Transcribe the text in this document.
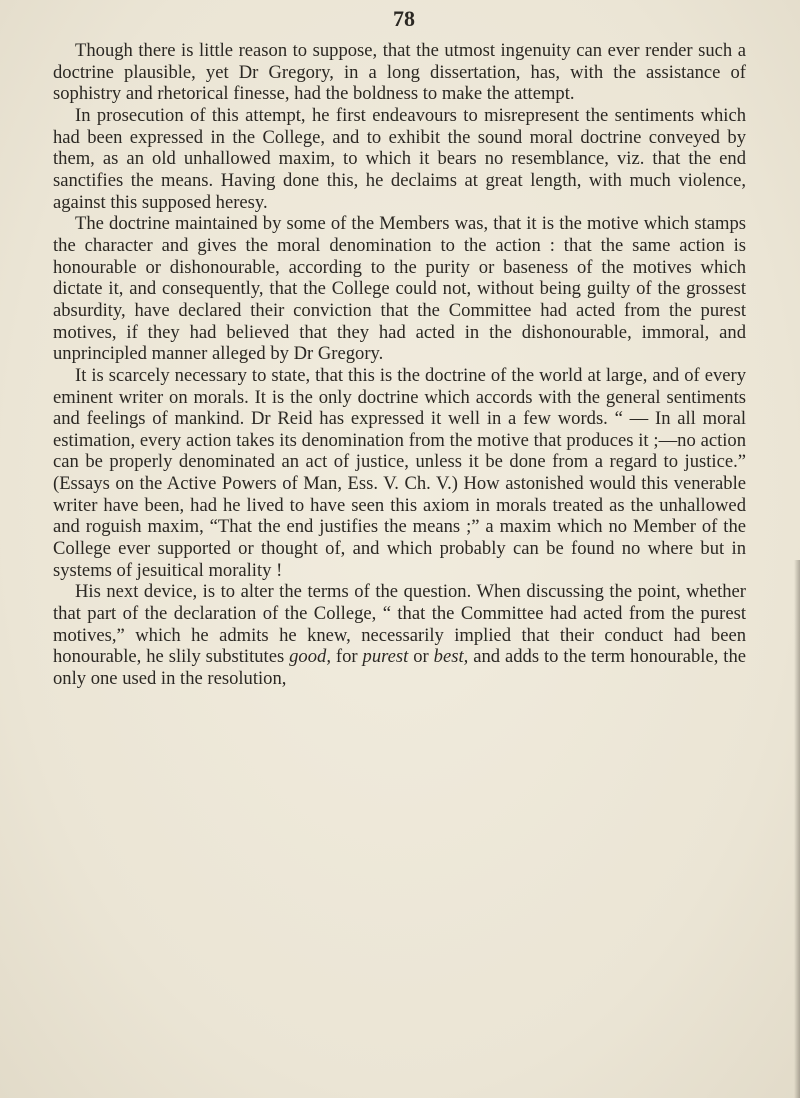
78

Though there is little reason to suppose, that the utmost ingenuity can ever render such a doctrine plausible, yet Dr Gregory, in a long dissertation, has, with the assistance of sophistry and rhetorical finesse, had the boldness to make the attempt.

In prosecution of this attempt, he first endeavours to misrepresent the sentiments which had been expressed in the College, and to exhibit the sound moral doctrine conveyed by them, as an old unhallowed maxim, to which it bears no resemblance, viz. that the end sanctifies the means. Having done this, he declaims at great length, with much violence, against this supposed heresy.

The doctrine maintained by some of the Members was, that it is the motive which stamps the character and gives the moral denomination to the action : that the same action is honourable or dishonourable, according to the purity or baseness of the motives which dictate it, and consequently, that the College could not, without being guilty of the grossest absurdity, have declared their conviction that the Committee had acted from the purest motives, if they had believed that they had acted in the dishonourable, immoral, and unprincipled manner alleged by Dr Gregory.

It is scarcely necessary to state, that this is the doctrine of the world at large, and of every eminent writer on morals. It is the only doctrine which accords with the general sentiments and feelings of mankind. Dr Reid has expressed it well in a few words. “ — In all moral estimation, every action takes its denomination from the motive that produces it ;—no action can be properly denominated an act of justice, unless it be done from a regard to justice.” (Essays on the Active Powers of Man, Ess. V. Ch. V.) How astonished would this venerable writer have been, had he lived to have seen this axiom in morals treated as the unhallowed and roguish maxim, “That the end justifies the means ;” a maxim which no Member of the College ever supported or thought of, and which probably can be found no where but in systems of jesuitical morality !

His next device, is to alter the terms of the question. When discussing the point, whether that part of the declaration of the College, “ that the Committee had acted from the purest motives,” which he admits he knew, necessarily implied that their conduct had been honourable, he slily substitutes good, for purest or best, and adds to the term honourable, the only one used in the resolution,
